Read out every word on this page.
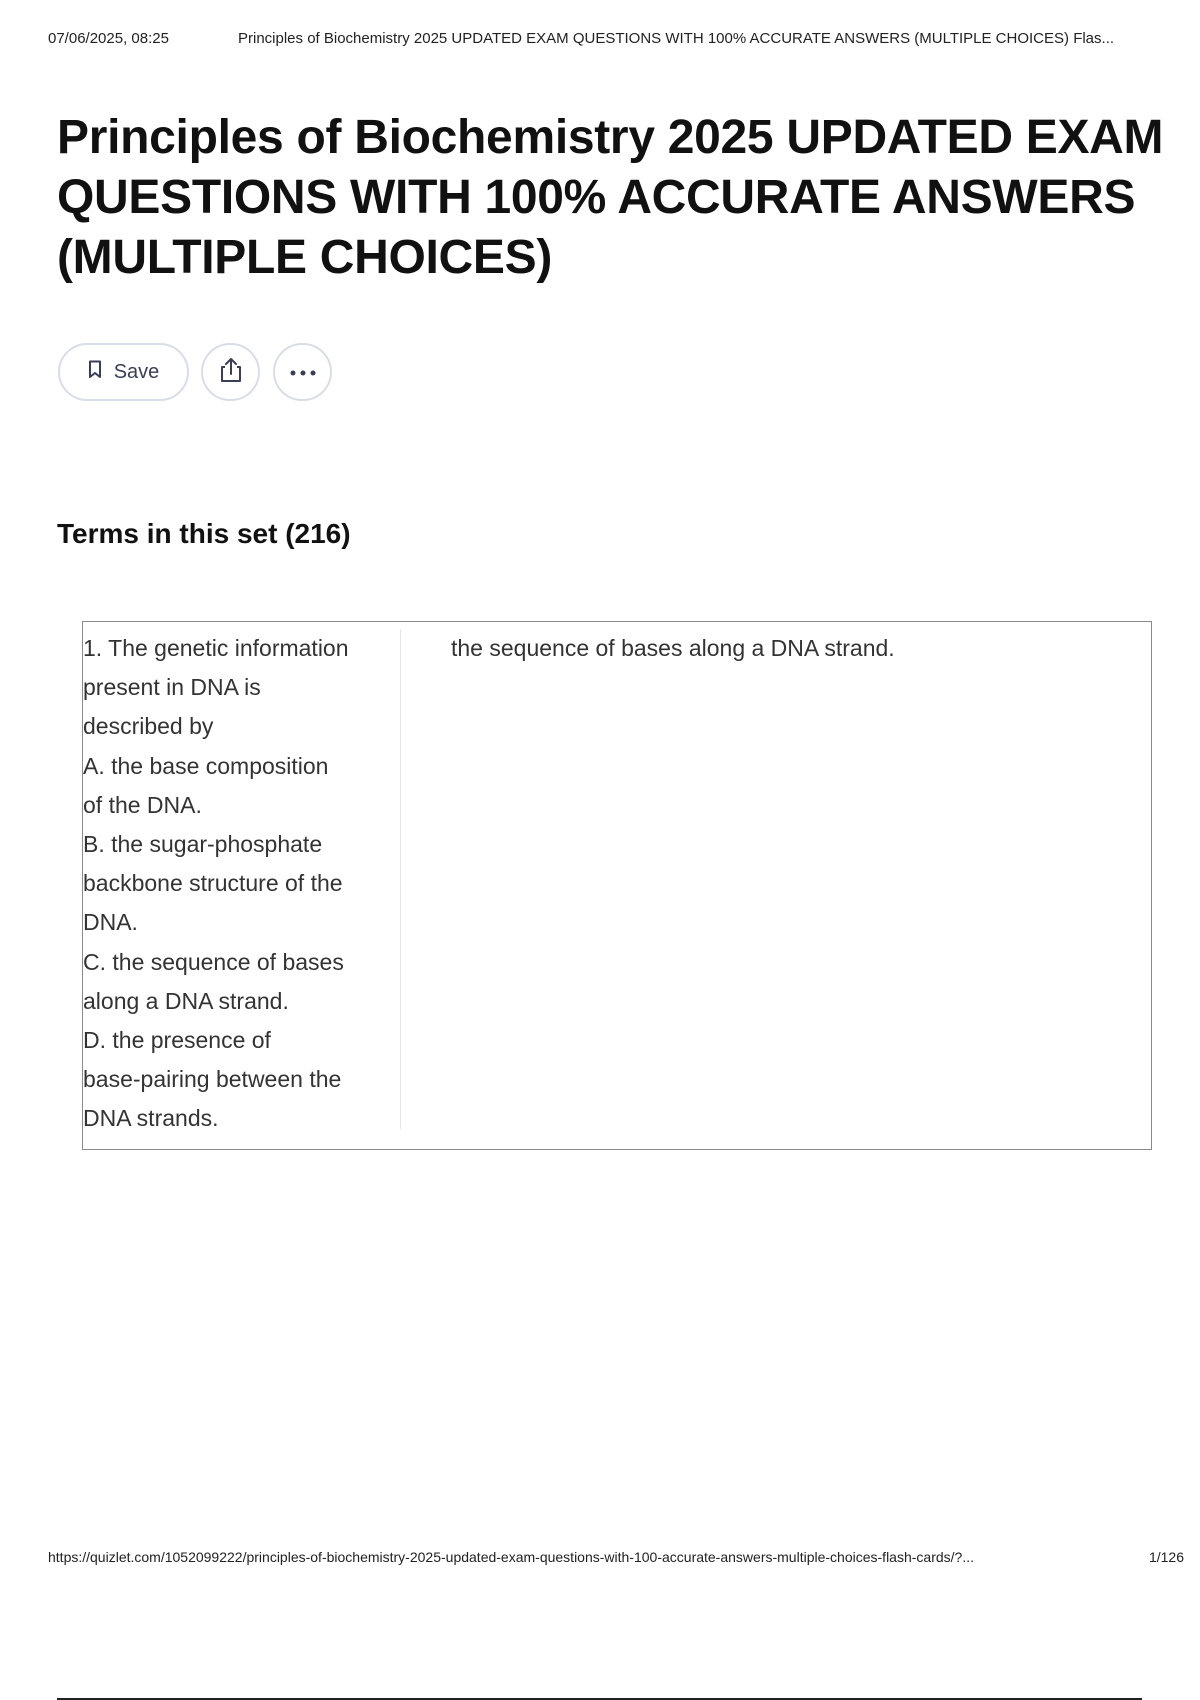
07/06/2025, 08:25	Principles of Biochemistry 2025 UPDATED EXAM QUESTIONS WITH 100% ACCURATE ANSWERS (MULTIPLE CHOICES) Flas...
Principles of Biochemistry 2025 UPDATED EXAM QUESTIONS WITH 100% ACCURATE ANSWERS (MULTIPLE CHOICES)
Save
Terms in this set (216)
1. The genetic information
present in DNA is
described by
A. the base composition
of the DNA.
B. the sugar-phosphate
backbone structure of the
DNA.
C. the sequence of bases
along a DNA strand.
D. the presence of
base-pairing between the
DNA strands.
the sequence of bases along a DNA strand.
https://quizlet.com/1052099222/principles-of-biochemistry-2025-updated-exam-questions-with-100-accurate-answers-multiple-choices-flash-cards/?...	1/126
